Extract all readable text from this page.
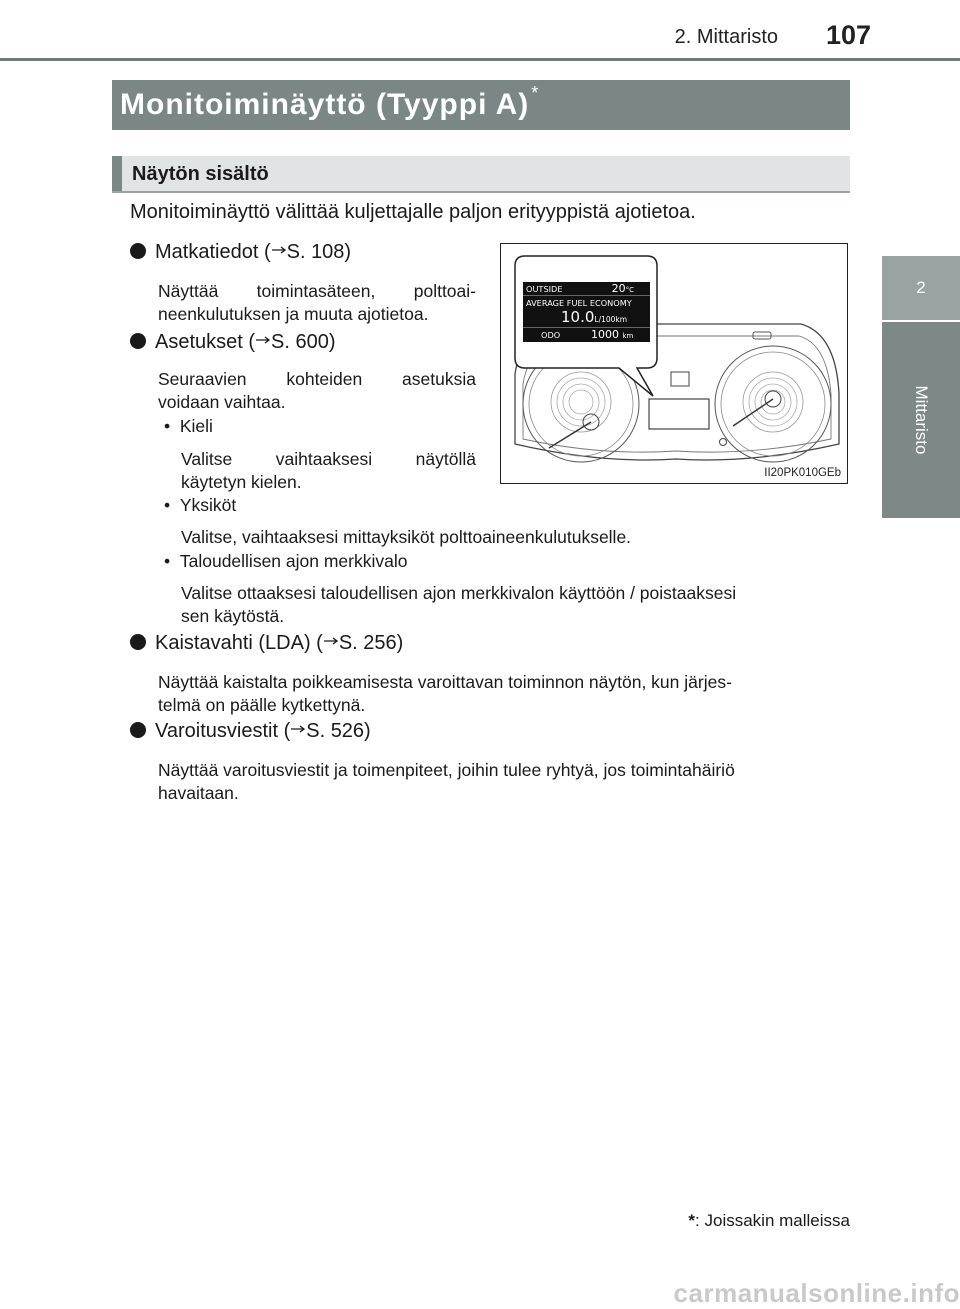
2. Mittaristo 107
2
Mittaristo
Monitoiminäyttö (Tyyppi A) *
Näytön sisältö
Monitoiminäyttö välittää kuljettajalle paljon erityyppistä ajotietoa.
Matkatiedot ( S. 108)
Näyttää toimintasäteen, polttoai-
neenkulutuksen ja muuta ajotietoa.
Asetukset ( S. 600)
Seuraavien kohteiden asetuksia
voidaan vaihtaa.
•  Kieli
Valitse vaihtaaksesi näytöllä
käytetyn kielen.
•  Yksiköt
Valitse, vaihtaaksesi mittayksiköt polttoaineenkulutukselle.
•  Taloudellisen ajon merkkivalo
Valitse ottaaksesi taloudellisen ajon merkkivalon käyttöön / poistaaksesi
sen käytöstä.
Kaistavahti (LDA) ( S. 256)
Näyttää kaistalta poikkeamisesta varoittavan toiminnon näytön, kun järjes-
telmä on päälle kytkettynä.
Varoitusviestit ( S. 526)
Näyttää varoitusviestit ja toimenpiteet, joihin tulee ryhtyä, jos toimintahäiriö
havaitaan.
OUTSIDE	20°C
AVERAGE FUEL ECONOMY
10.0L/100km
ODO	1000 km
II20PK010GEb
*: Joissakin malleissa
carmanualsonline.info
